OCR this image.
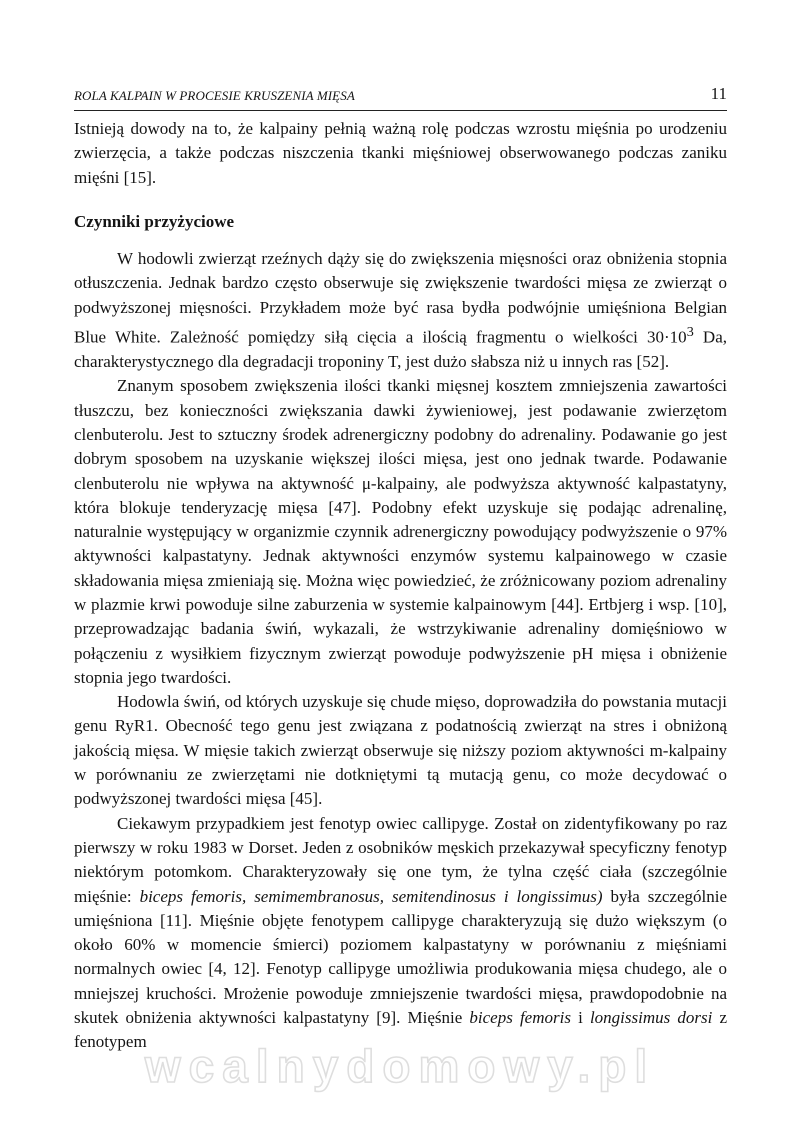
ROLA KALPAIN W PROCESIE KRUSZENIA MIĘSA	11

Istnieją dowody na to, że kalpainy pełnią ważną rolę podczas wzrostu mięśnia po urodzeniu zwierzęcia, a także podczas niszczenia tkanki mięśniowej obserwowanego podczas zaniku mięśni [15].

Czynniki przyżyciowe

W hodowli zwierząt rzeźnych dąży się do zwiększenia mięsności oraz obniżenia stopnia otłuszczenia. Jednak bardzo często obserwuje się zwiększenie twardości mięsa ze zwierząt o podwyższonej mięsności. Przykładem może być rasa bydła podwójnie umięśniona Belgian Blue White. Zależność pomiędzy siłą cięcia a ilością fragmentu o wielkości $30\cdot 10^3$ Da, charakterystycznego dla degradacji troponiny T, jest dużo słabsza niż u innych ras [52].

Znanym sposobem zwiększenia ilości tkanki mięsnej kosztem zmniejszenia zawartości tłuszczu, bez konieczności zwiększania dawki żywieniowej, jest podawanie zwierzętom clenbuterolu. Jest to sztuczny środek adrenergiczny podobny do adrenaliny. Podawanie go jest dobrym sposobem na uzyskanie większej ilości mięsa, jest ono jednak twarde. Podawanie clenbuterolu nie wpływa na aktywność μ-kalpainy, ale podwyższa aktywność kalpastatyny, która blokuje tenderyzację mięsa [47]. Podobny efekt uzyskuje się podając adrenalinę, naturalnie występujący w organizmie czynnik adrenergiczny powodujący podwyższenie o 97% aktywności kalpastatyny. Jednak aktywności enzymów systemu kalpainowego w czasie składowania mięsa zmieniają się. Można więc powiedzieć, że zróżnicowany poziom adrenaliny w plazmie krwi powoduje silne zaburzenia w systemie kalpainowym [44]. Ertbjerg i wsp. [10], przeprowadzając badania świń, wykazali, że wstrzykiwanie adrenaliny domięśniowo w połączeniu z wysiłkiem fizycznym zwierząt powoduje podwyższenie pH mięsa i obniżenie stopnia jego twardości.

Hodowla świń, od których uzyskuje się chude mięso, doprowadziła do powstania mutacji genu RyR1. Obecność tego genu jest związana z podatnością zwierząt na stres i obniżoną jakością mięsa. W mięsie takich zwierząt obserwuje się niższy poziom aktywności m-kalpainy w porównaniu ze zwierzętami nie dotkniętymi tą mutacją genu, co może decydować o podwyższonej twardości mięsa [45].

Ciekawym przypadkiem jest fenotyp owiec callipyge. Został on zidentyfikowany po raz pierwszy w roku 1983 w Dorset. Jeden z osobników męskich przekazywał specyficzny fenotyp niektórym potomkom. Charakteryzowały się one tym, że tylna część ciała (szczególnie mięśnie: biceps femoris, semimembranosus, semitendinosus i longissimus) była szczególnie umięśniona [11]. Mięśnie objęte fenotypem callipyge charakteryzują się dużo większym (o około 60% w momencie śmierci) poziomem kalpastatyny w porównaniu z mięśniami normalnych owiec [4, 12]. Fenotyp callipyge umożliwia produkowania mięsa chudego, ale o mniejszej kruchości. Mrożenie powoduje zmniejszenie twardości mięsa, prawdopodobnie na skutek obniżenia aktywności kalpastatyny [9]. Mięśnie biceps femoris i longissimus dorsi z fenotypem

wcalnydomowy.pl
